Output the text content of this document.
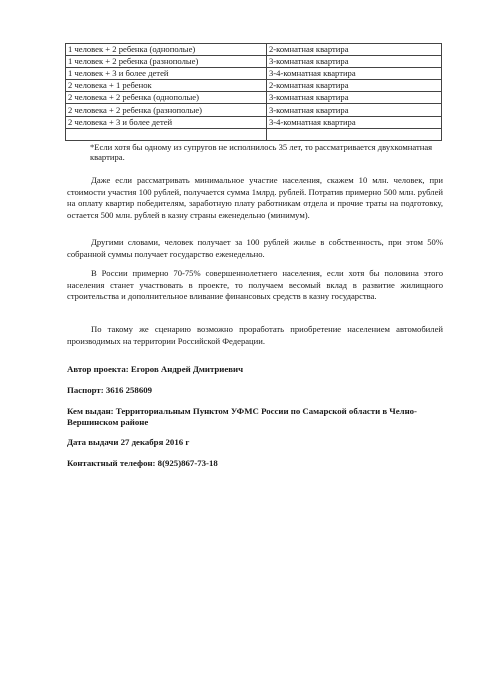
1 человек + 2 ребенка (однополые)	2-комнатная квартира
1 человек + 2 ребенка (разнополые)	3-комнатная квартира
1 человек + 3 и более детей	3-4-комнатная квартира
2 человека + 1 ребенок	2-комнатная квартира
2 человека + 2 ребенка (однополые)	3-комнатная квартира
2 человека + 2 ребенка (разнополые)	3-комнатная квартира
2 человека + 3 и более детей	3-4-комнатная квартира

*Если хотя бы одному из супругов не исполнилось 35 лет, то рассматривается двухкомнатная квартира.
Даже если рассматривать минимальное участие населения, скажем 10 млн. человек, при стоимости участия 100 рублей, получается сумма 1млрд. рублей. Потратив примерно 500 млн. рублей на оплату квартир победителям, заработную плату работникам отдела и прочие траты на подготовку, остается 500 млн. рублей в казну страны еженедельно (минимум).
Другими словами, человек получает за 100 рублей жилье в собственность, при этом 50% собранной суммы получает государство еженедельно.
В России примерно 70-75% совершеннолетнего населения, если хотя бы половина этого населения станет участвовать в проекте, то получаем весомый вклад в развитие жилищного строительства и дополнительное вливание финансовых средств в казну государства.
По такому же сценарию возможно проработать приобретение населением автомобилей производимых на территории Российской Федерации.
Автор проекта: Егоров Андрей Дмитриевич
Паспорт: 3616 258609
Кем выдан: Территориальным Пунктом УФМС России по Самарской области в Челно-Вершинском районе
Дата выдачи 27 декабря 2016 г
Контактный телефон: 8(925)867-73-18
